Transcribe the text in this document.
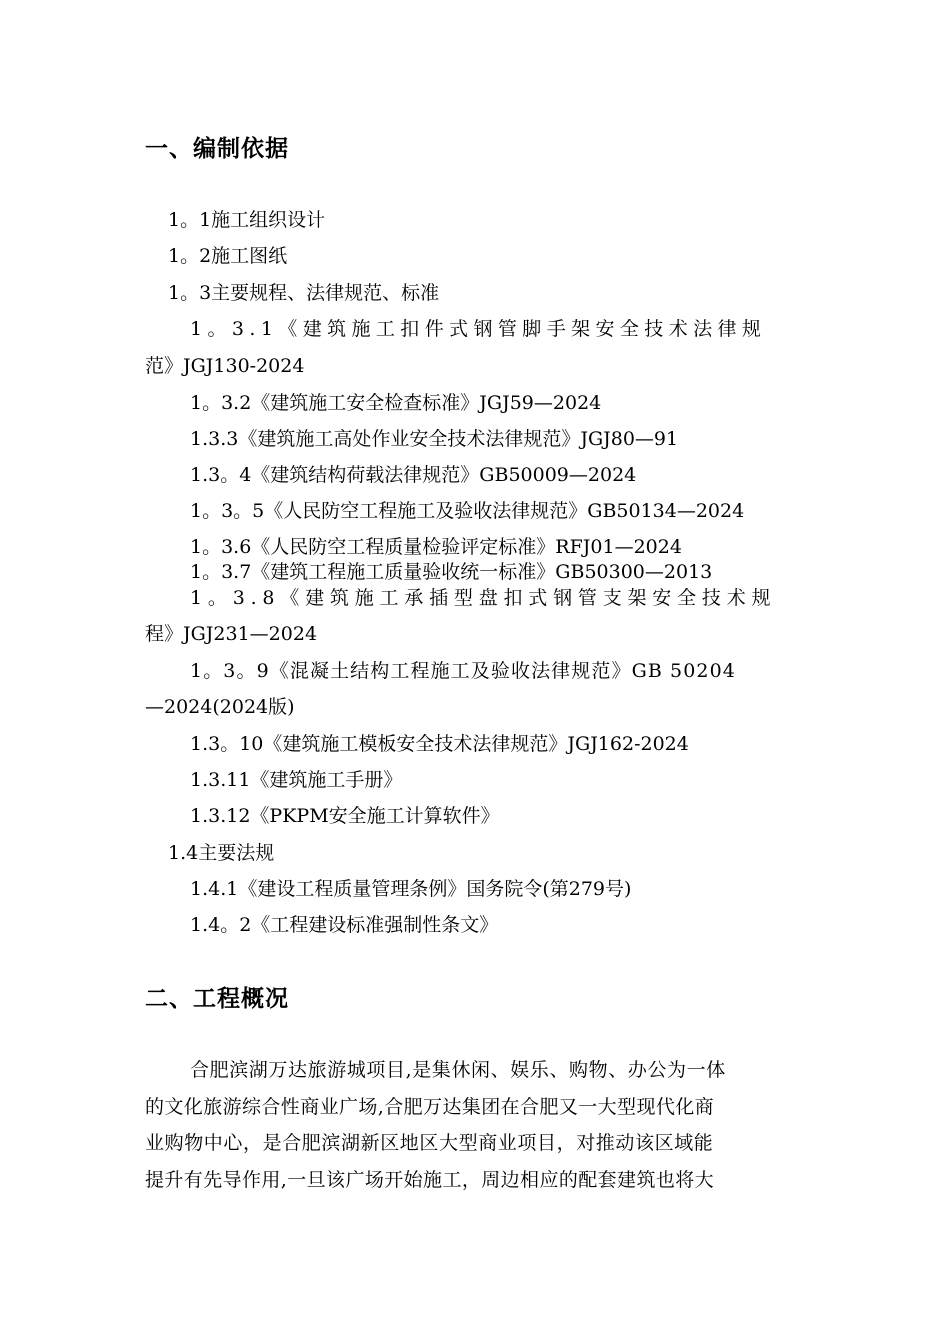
一、编制依据
1。1施工组织设计
1。2施工图纸
1。3主要规程、法律规范、标准
1。3.1《建筑施工扣件式钢管脚手架安全技术法律规
范》JGJ130-2024
1。3.2《建筑施工安全检查标准》JGJ59—2024
1.3.3《建筑施工高处作业安全技术法律规范》JGJ80—91
1.3。4《建筑结构荷载法律规范》GB50009—2024
1。3。5《人民防空工程施工及验收法律规范》GB50134—2024
1。3.6《人民防空工程质量检验评定标准》RFJ01—2024
1。3.7《建筑工程施工质量验收统一标准》GB50300—2013
1。3.8《建筑施工承插型盘扣式钢管支架安全技术规
程》JGJ231—2024
1。3。9《混凝土结构工程施工及验收法律规范》GB 50204
—2024(2024版)
1.3。10《建筑施工模板安全技术法律规范》JGJ162-2024
1.3.11《建筑施工手册》
1.3.12《PKPM安全施工计算软件》
1.4主要法规
1.4.1《建设工程质量管理条例》国务院令(第279号)
1.4。2《工程建设标准强制性条文》
二、工程概况
合肥滨湖万达旅游城项目,是集休闲、娱乐、购物、办公为一体
的文化旅游综合性商业广场,合肥万达集团在合肥又一大型现代化商
业购物中心，是合肥滨湖新区地区大型商业项目，对推动该区域能
提升有先导作用,一旦该广场开始施工，周边相应的配套建筑也将大
